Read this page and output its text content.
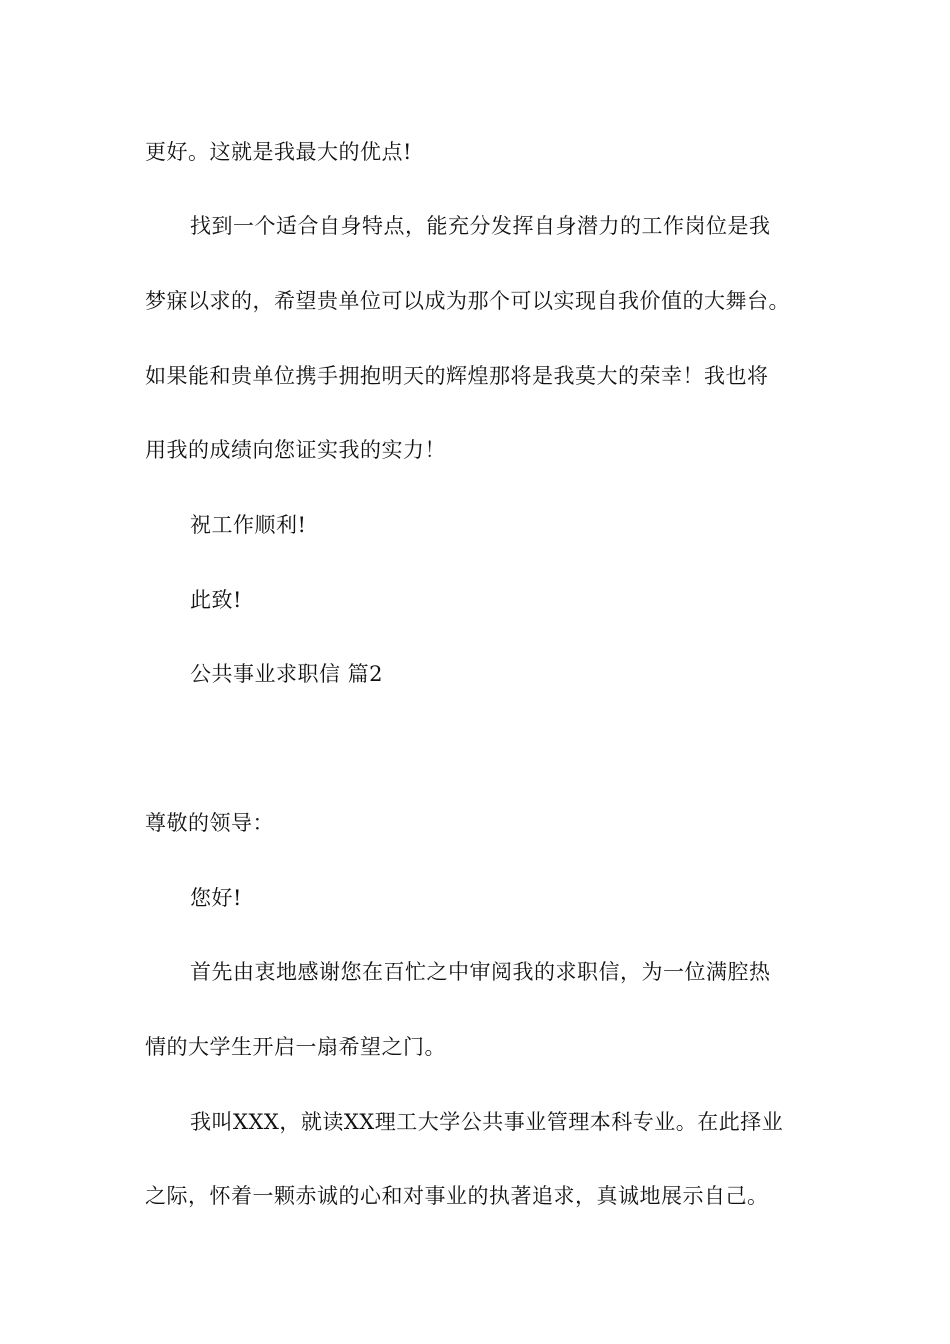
更好。这就是我最大的优点!
找到一个适合自身特点，能充分发挥自身潜力的工作岗位是我
梦寐以求的，希望贵单位可以成为那个可以实现自我价值的大舞台。
如果能和贵单位携手拥抱明天的辉煌那将是我莫大的荣幸！我也将
用我的成绩向您证实我的实力！
祝工作顺利!
此致!
公共事业求职信 篇2
尊敬的领导：
您好!
首先由衷地感谢您在百忙之中审阅我的求职信，为一位满腔热
情的大学生开启一扇希望之门。
我叫XXX，就读XX理工大学公共事业管理本科专业。在此择业
之际，怀着一颗赤诚的心和对事业的执著追求，真诚地展示自己。
